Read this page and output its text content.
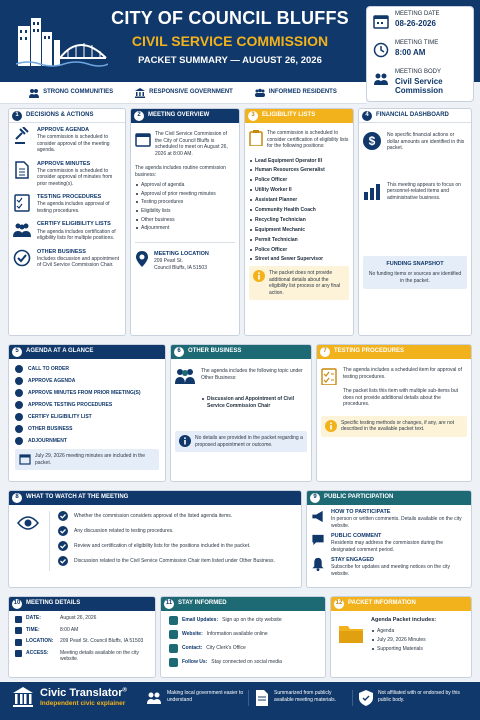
CITY OF COUNCIL BLUFFS
CIVIL SERVICE COMMISSION
PACKET SUMMARY — AUGUST 26, 2026
MEETING DATE
08-26-2026
MEETING TIME
8:00 AM
MEETING BODY
Civil Service Commission
STRONG COMMUNITIES	RESPONSIVE GOVERNMENT	INFORMED RESIDENTS
1	DECISIONS & ACTIONS
APPROVE AGENDA
The commission is scheduled to consider approval of the meeting agenda.
APPROVE MINUTES
The commission is scheduled to consider approval of minutes from prior meeting(s).
TESTING PROCEDURES
The agenda includes approval of testing procedures.
CERTIFY ELIGIBILITY LISTS
The agenda includes certification of eligibility lists for multiple positions.
OTHER BUSINESS
Includes discussion and appointment of Civil Service Commission Chair.
2	MEETING OVERVIEW
The Civil Service Commission of the City of Council Bluffs is scheduled to meet on August 26, 2026 at 8:00 AM.
The agenda includes routine commission business:
Approval of agenda
Approval of prior meeting minutes
Testing procedures
Eligibility lists
Other business
Adjournment
MEETING LOCATION
209 Pearl St.
Council Bluffs, IA 51503
3	ELIGIBILITY LISTS
The commission is scheduled to consider certification of eligibility lists for the following positions:
Lead Equipment Operator III
Human Resources Generalist
Police Officer
Utility Worker II
Assistant Planner
Community Health Coach
Recycling Technician
Equipment Mechanic
Permit Technician
Police Officer
Street and Sewer Supervisor
The packet does not provide additional details about the eligibility list process or any final action.
4	FINANCIAL DASHBOARD
$ No specific financial actions or dollar amounts are identified in this packet.
This meeting appears to focus on personnel-related items and administrative business.
FUNDING SNAPSHOT
No funding items or sources are identified in the packet.
5	AGENDA AT A GLANCE
CALL TO ORDER
APPROVE AGENDA
APPROVE MINUTES FROM PRIOR MEETING(S)
APPROVE TESTING PROCEDURES
CERTIFY ELIGIBILITY LIST
OTHER BUSINESS
ADJOURNMENT
July 29, 2026 meeting minutes are included in the packet.
6	OTHER BUSINESS
The agenda includes the following topic under Other Business:
Discussion and Appointment of Civil Service Commission Chair
No details are provided in the packet regarding a proposed appointment or outcome.
7	TESTING PROCEDURES
The agenda includes a scheduled item for approval of testing procedures.
The packet lists this item with multiple sub-items but does not provide additional details about the procedures.
Specific testing methods or changes, if any, are not described in the available packet text.
8	WHAT TO WATCH AT THE MEETING
Whether the commission considers approval of the listed agenda items.
Any discussion related to testing procedures.
Review and certification of eligibility lists for the positions included in the packet.
Discussion related to the Civil Service Commission Chair item listed under Other Business.
9	PUBLIC PARTICIPATION
HOW TO PARTICIPATE
In person or written comments. Details available on the city website.
PUBLIC COMMENT
Residents may address the commission during the designated comment period.
STAY ENGAGED
Subscribe for updates and meeting notices on the city website.
10 MEETING DETAILS
DATE:	August 26, 2026
TIME:	8:00 AM
LOCATION:	209 Pearl St. Council Bluffs, IA 51503
ACCESS:	Meeting details available on the city website.
11 STAY INFORMED
Email Updates: Sign up on the city website
Website: Information available online
Contact: City Clerk's Office
Follow Us: Stay connected on social media
12 PACKET INFORMATION
Agenda Packet includes:
Agenda
July 29, 2026 Minutes
Supporting Materials
Civic Translator®
Independent civic explainer
Making local government easier to understand
Summarized from publicly available meeting materials.
Not affiliated with or endorsed by this public body.
